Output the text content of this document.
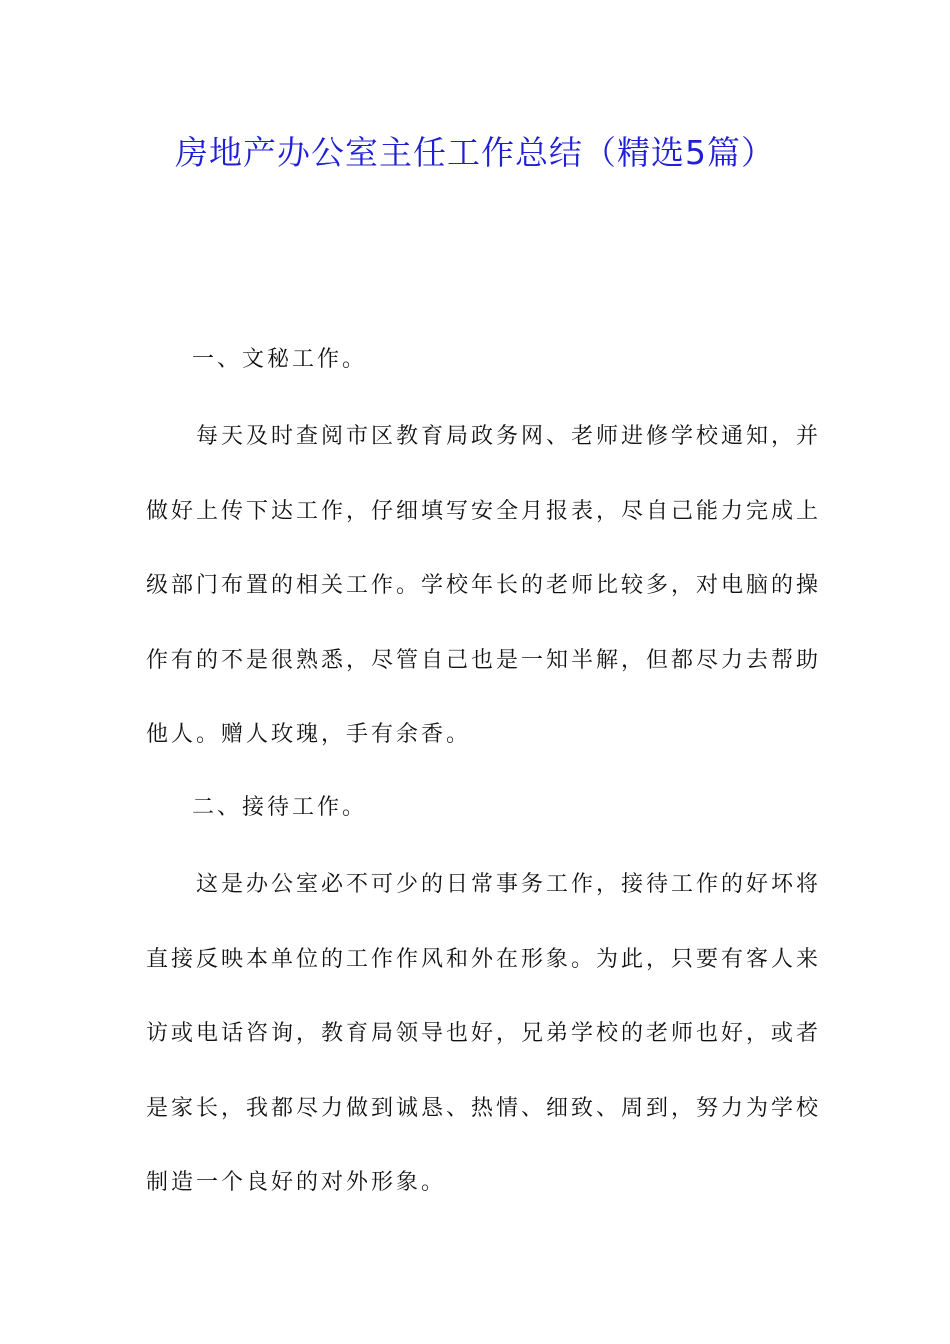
房地产办公室主任工作总结（精选5篇）
一、文秘工作。
每天及时查阅市区教育局政务网、老师进修学校通知，并
做好上传下达工作，仔细填写安全月报表，尽自己能力完成上
级部门布置的相关工作。学校年长的老师比较多，对电脑的操
作有的不是很熟悉，尽管自己也是一知半解，但都尽力去帮助
他人。赠人玫瑰，手有余香。
二、接待工作。
这是办公室必不可少的日常事务工作，接待工作的好坏将
直接反映本单位的工作作风和外在形象。为此，只要有客人来
访或电话咨询，教育局领导也好，兄弟学校的老师也好，或者
是家长，我都尽力做到诚恳、热情、细致、周到，努力为学校
制造一个良好的对外形象。
